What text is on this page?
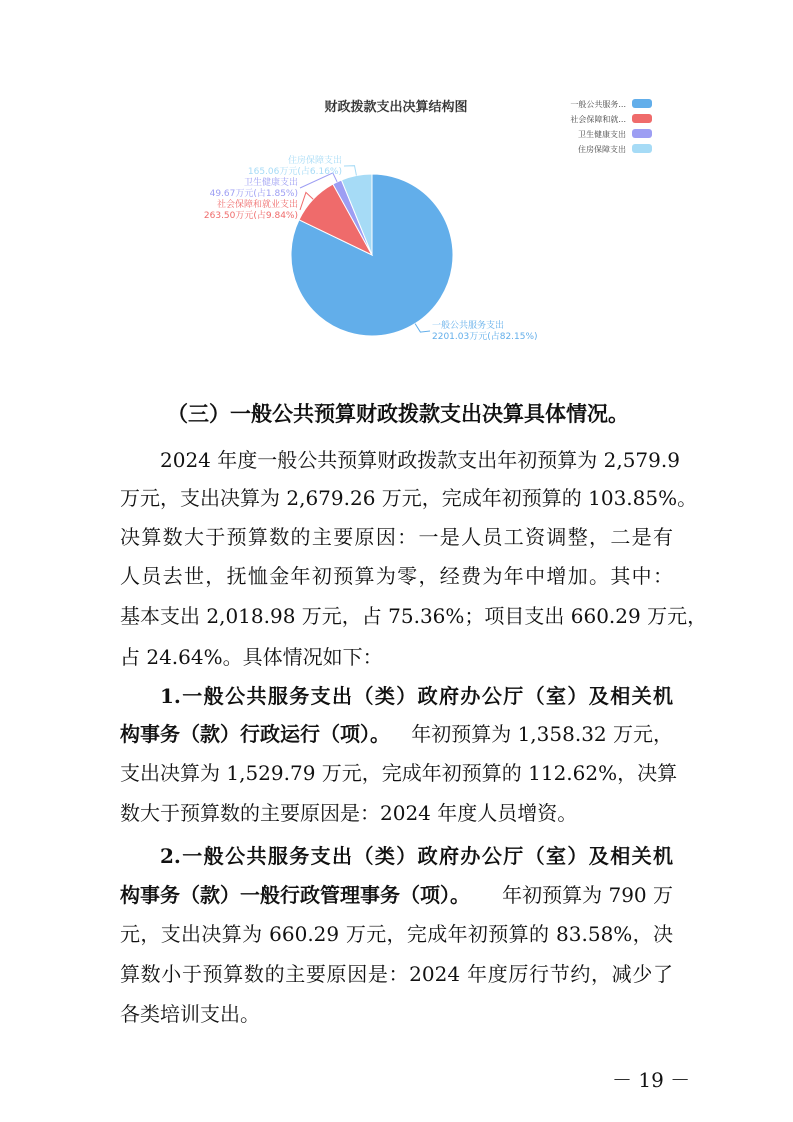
财政拨款支出决算结构图
一般公共服务支出
2201.03万元(占82.15%)
社会保障和就业支出
263.50万元(占9.84%)
卫生健康支出
49.67万元(占1.85%)
住房保障支出
165.06万元(占6.16%)
一般公共服务...
社会保障和就...
卫生健康支出
住房保障支出
（三）一般公共预算财政拨款支出决算具体情况。
2024 年度一般公共预算财政拨款支出年初预算为 2,579.9
万元，支出决算为 2,679.26 万元，完成年初预算的 103.85%。
决算数大于预算数的主要原因：一是人员工资调整，二是有
人员去世，抚恤金年初预算为零，经费为年中增加。其中：
基本支出 2,018.98 万元，占 75.36%；项目支出 660.29 万元，
占 24.64%。具体情况如下：
1.一般公共服务支出（类）政府办公厅（室）及相关机
构事务（款）行政运行（项）。 年初预算为 1,358.32 万元，
支出决算为 1,529.79 万元，完成年初预算的 112.62%，决算
数大于预算数的主要原因是：2024 年度人员增资。
2.一般公共服务支出（类）政府办公厅（室）及相关机
构事务（款）一般行政管理事务（项）。 年初预算为 790 万
元，支出决算为 660.29 万元，完成年初预算的 83.58%，决
算数小于预算数的主要原因是：2024 年度厉行节约，减少了
各类培训支出。
－ 19 －
